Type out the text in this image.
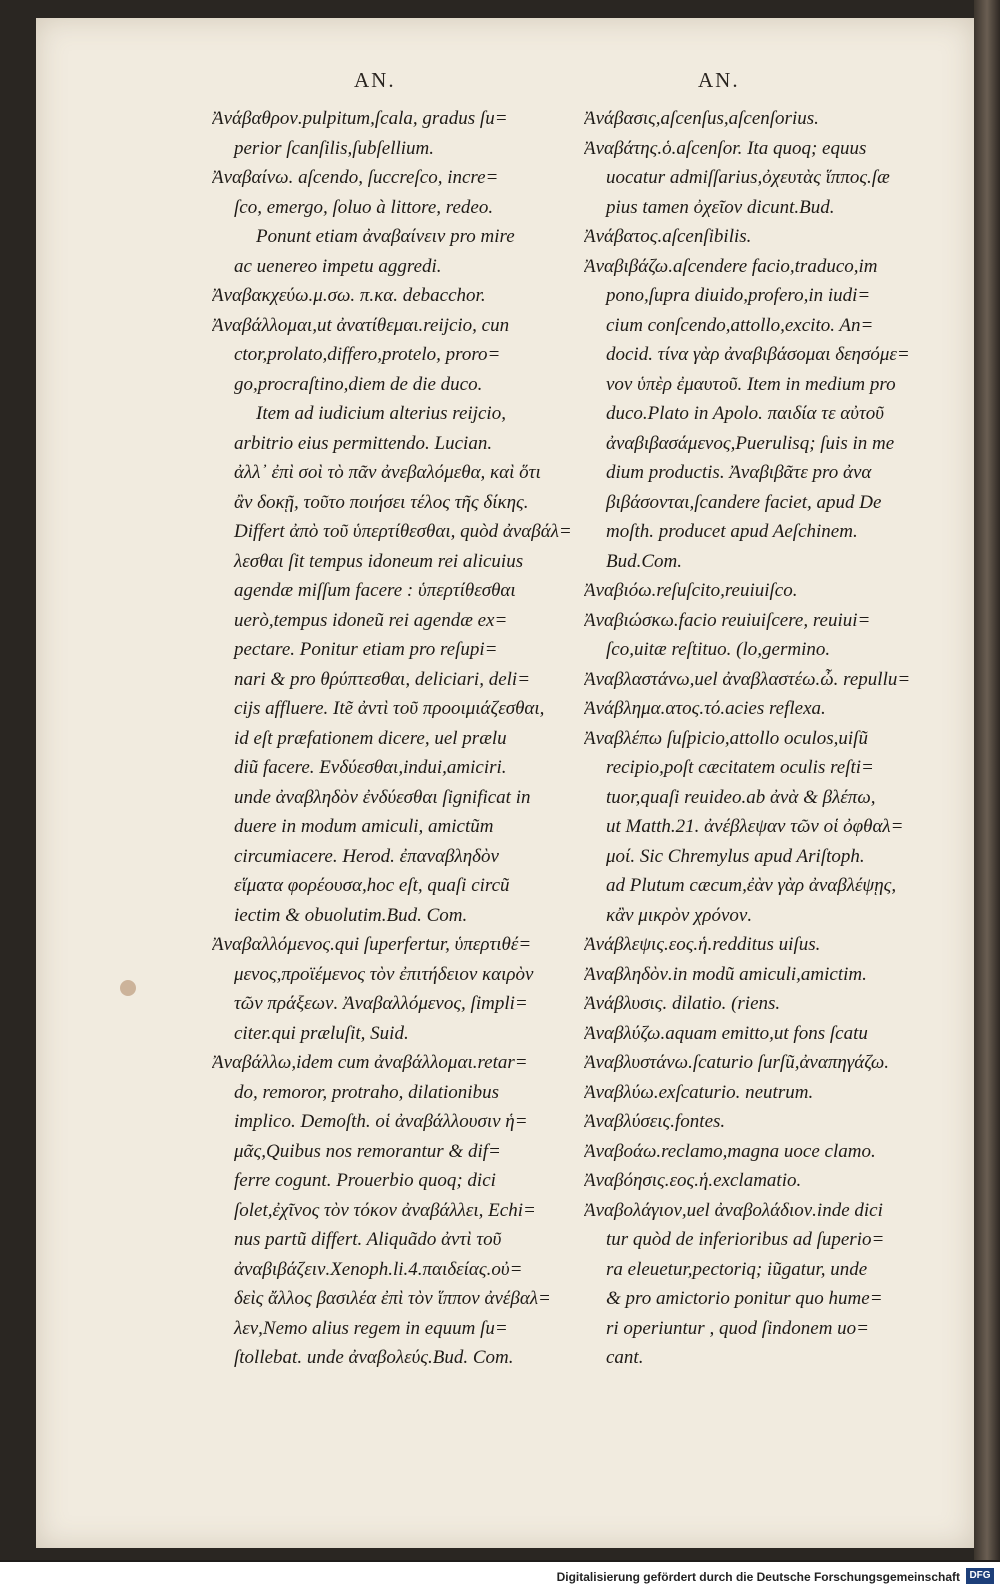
AN.	AN.
Ἀνάβαθρον.pulpitum,ſcala, gradus ſu=
perior ſcanſilis,ſubſellium.
Ἀναβαίνω. aſcendo, ſuccreſco, incre=
ſco, emergo, ſoluo à littore, redeo.
Ponunt etiam ἀναβαίνειν pro mire
ac uenereo impetu aggredi.
Ἀναβακχεύω.μ.σω. π.κα. debacchor.
Ἀναβάλλομαι,ut ἀνατίθεμαι.reijcio, cun
ctor,prolato,differo,protelo, proro=
go,procraſtino,diem de die duco.
Item ad iudicium alterius reijcio,
arbitrio eius permittendo. Lucian.
ἀλλ᾽ ἐπὶ σοὶ τὸ πᾶν ἀνεβαλόμεθα, καὶ ὅτι
ἂν δοκῇ, τοῦτο ποιήσει τέλος τῆς δίκης.
Differt ἀπὸ τοῦ ὑπερτίθεσθαι, quòd ἀναβάλ=
λεσθαι ſit tempus idoneum rei alicuius
agendæ miſſum facere : ὑπερτίθεσθαι
uerò,tempus idoneũ rei agendæ ex=
pectare. Ponitur etiam pro reſupi=
nari & pro θρύπτεσθαι, deliciari, deli=
cijs affluere. Itẽ ἀντὶ τοῦ προοιμιάζεσθαι,
id eſt præfationem dicere, uel prælu
diũ facere. Ενδύεσθαι,indui,amiciri.
unde ἀναβληδὸν ἐνδύεσθαι ſignificat in
duere in modum amiculi, amictũm
circumiacere. Herod. ἐπαναβληδὸν
εἵματα φορέουσα,hoc eſt, quaſi circũ
iectim & obuolutim.Bud. Com.
Ἀναβαλλόμενος.qui ſuperfertur, ὑπερτιθέ=
μενος,προϊέμενος τὸν ἐπιτήδειον καιρὸν
τῶν πράξεων. Ἀναβαλλόμενος, ſimpli=
citer.qui præluſit, Suid.
Ἀναβάλλω,idem cum ἀναβάλλομαι.retar=
do, remoror, protraho, dilationibus
implico. Demoſth. οἱ ἀναβάλλουσιν ἡ=
μᾶς,Quibus nos remorantur & dif=
ferre cogunt. Prouerbio quoq; dici
ſolet,ἐχῖνος τὸν τόκον ἀναβάλλει, Echi=
nus partũ differt. Aliquãdo ἀντὶ τοῦ
ἀναβιβάζειν.Xenoph.li.4.παιδείας.οὐ=
δεὶς ἄλλος βασιλέα ἐπὶ τὸν ἵππον ἀνέβαλ=
λεν,Nemo alius regem in equum ſu=
ſtollebat. unde ἀναβολεύς.Bud. Com.
Ἀνάβασις,aſcenſus,aſcenſorius.
Ἀναβάτης.ὁ.aſcenſor. Ita quoq; equus
uocatur admiſſarius,ὀχευτὰς ἵππος.ſæ
pius tamen ὀχεῖον dicunt.Bud.
Ἀνάβατος.aſcenſibilis.
Ἀναβιβάζω.aſcendere facio,traduco,im
pono,ſupra diuido,profero,in iudi=
cium conſcendo,attollo,excito. An=
docid. τίνα γὰρ ἀναβιβάσομαι δεησόμε=
νον ὑπὲρ ἐμαυτοῦ. Item in medium pro
duco.Plato in Apolo. παιδία τε αὐτοῦ
ἀναβιβασάμενος,Puerulisq; ſuis in me
dium productis. Ἀναβιβᾶτε pro ἀνα
βιβάσονται,ſcandere faciet, apud De
moſth. producet apud Aeſchinem.
Bud.Com.
Ἀναβιόω.reſuſcito,reuiuiſco.
Ἀναβιώσκω.facio reuiuiſcere, reuiui=
ſco,uitæ reſtituo. (lo,germino.
Ἀναβλαστάνω,uel ἀναβλαστέω.ὦ. repullu=
Ἀνάβλημα.ατος.τό.acies reflexa.
Ἀναβλέπω ſuſpicio,attollo oculos,uiſũ
recipio,poſt cæcitatem oculis reſti=
tuor,quaſi reuideo.ab ἀνὰ & βλέπω,
ut Matth.21. ἀνέβλεψαν τῶν οἱ ὀφθαλ=
μοί. Sic Chremylus apud Ariſtoph.
ad Plutum cæcum,ἐὰν γὰρ ἀναβλέψῃς,
κἂν μικρὸν χρόνον.
Ἀνάβλεψις.εος.ἡ.redditus uiſus.
Ἀναβληδὸν.in modũ amiculi,amictim.
Ἀνάβλυσις. dilatio. (riens.
Ἀναβλύζω.aquam emitto,ut fons ſcatu
Ἀναβλυστάνω.ſcaturio ſurſũ,ἀναπηγάζω.
Ἀναβλύω.exſcaturio. neutrum.
Ἀναβλύσεις.fontes.
Ἀναβοάω.reclamo,magna uoce clamo.
Ἀναβόησις.εος.ἡ.exclamatio.
Ἀναβολάγιον,uel ἀναβολάδιον.inde dici
tur quòd de inferioribus ad ſuperio=
ra eleuetur,pectoriq; iũgatur, unde
& pro amictorio ponitur quo hume=
ri operiuntur , quod ſindonem uo=
cant.
Digitalisierung gefördert durch die Deutsche Forschungsgemeinschaft DFG
